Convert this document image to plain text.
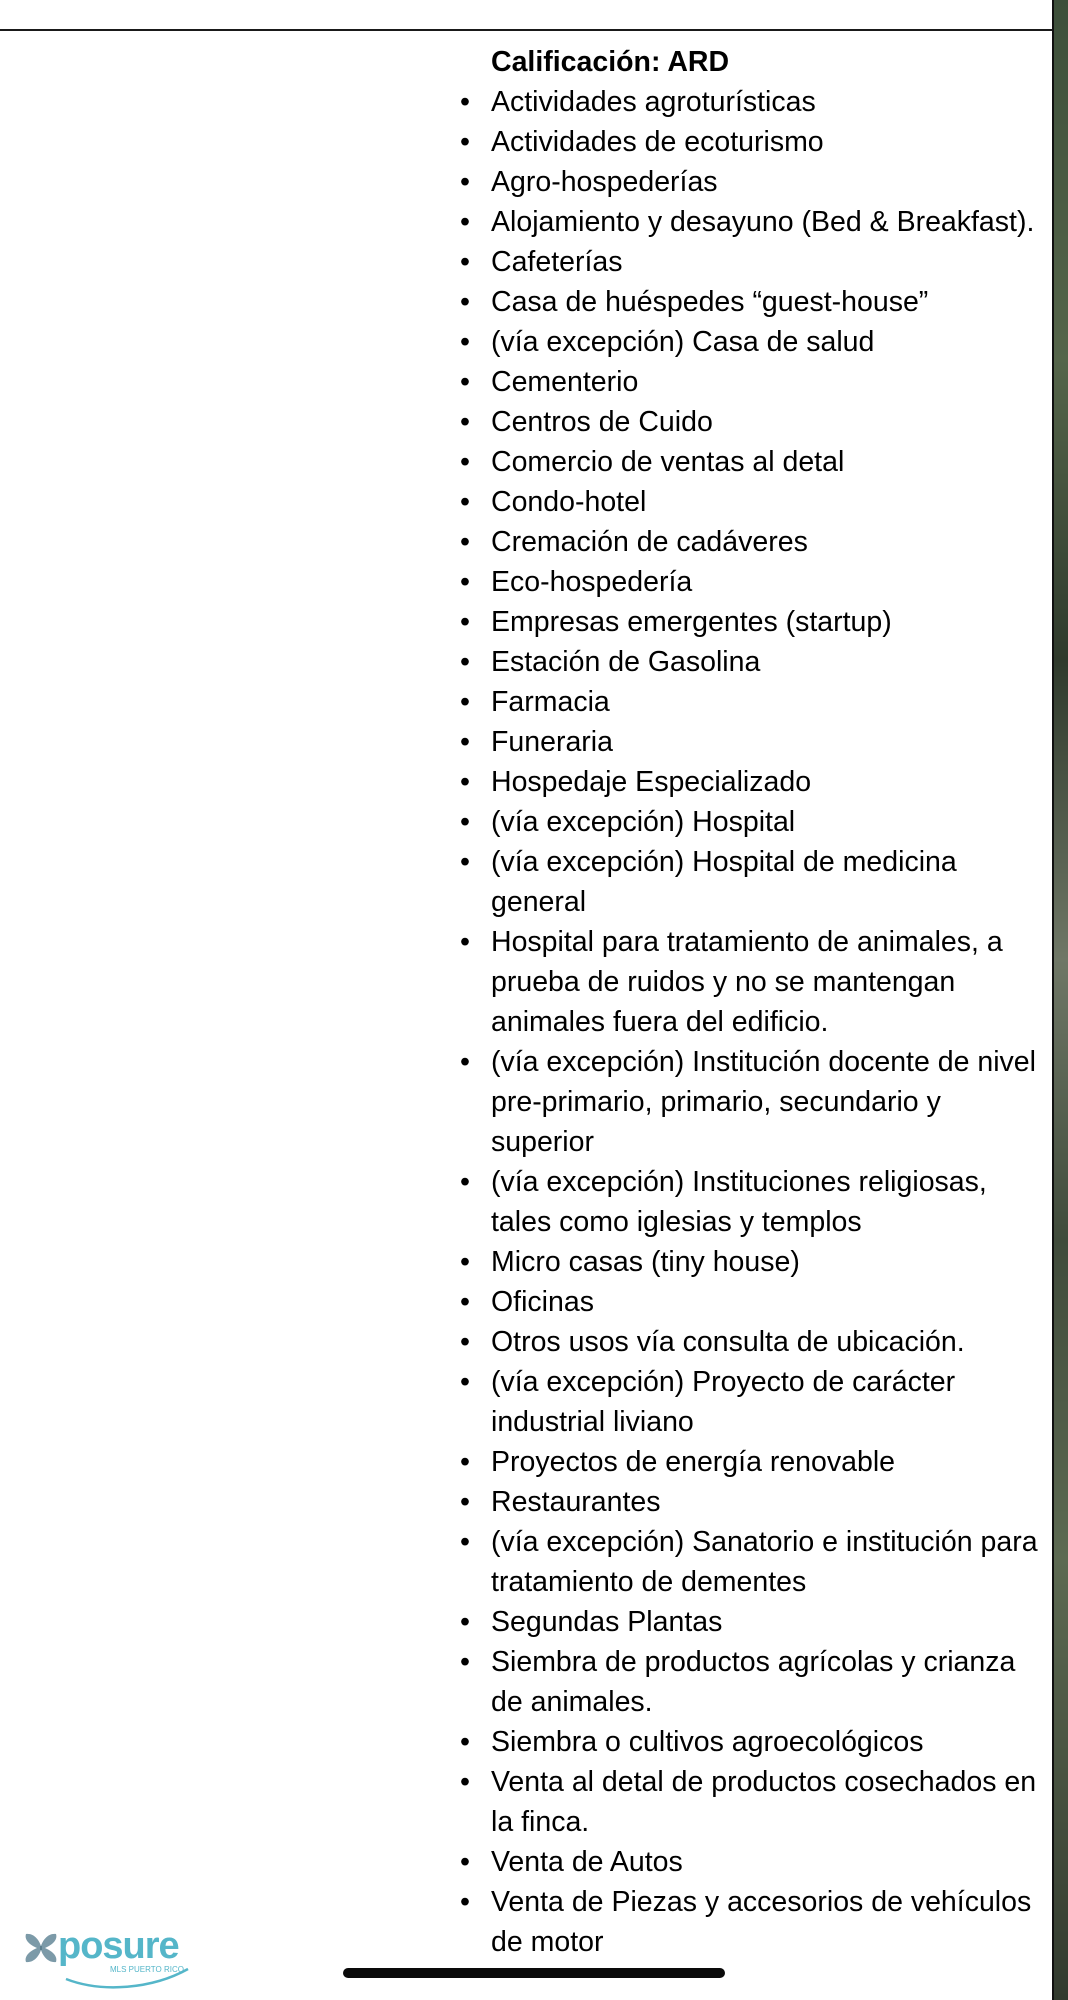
Calificación: ARD
• Actividades agroturísticas
• Actividades de ecoturismo
• Agro-hospederías
• Alojamiento y desayuno (Bed & Breakfast).
• Cafeterías
• Casa de huéspedes “guest-house”
• (vía excepción) Casa de salud
• Cementerio
• Centros de Cuido
• Comercio de ventas al detal
• Condo-hotel
• Cremación de cadáveres
• Eco-hospedería
• Empresas emergentes (startup)
• Estación de Gasolina
• Farmacia
• Funeraria
• Hospedaje Especializado
• (vía excepción) Hospital
• (vía excepción) Hospital de medicina general
• Hospital para tratamiento de animales, a prueba de ruidos y no se mantengan animales fuera del edificio.
• (vía excepción) Institución docente de nivel pre-primario, primario, secundario y superior
• (vía excepción) Instituciones religiosas, tales como iglesias y templos
• Micro casas (tiny house)
• Oficinas
• Otros usos vía consulta de ubicación.
• (vía excepción) Proyecto de carácter industrial liviano
• Proyectos de energía renovable
• Restaurantes
• (vía excepción) Sanatorio e institución para tratamiento de dementes
• Segundas Plantas
• Siembra de productos agrícolas y crianza de animales.
• Siembra o cultivos agroecológicos
• Venta al detal de productos cosechados en la finca.
• Venta de Autos
• Venta de Piezas y accesorios de vehículos de motor
posure
MLS PUERTO RICO
